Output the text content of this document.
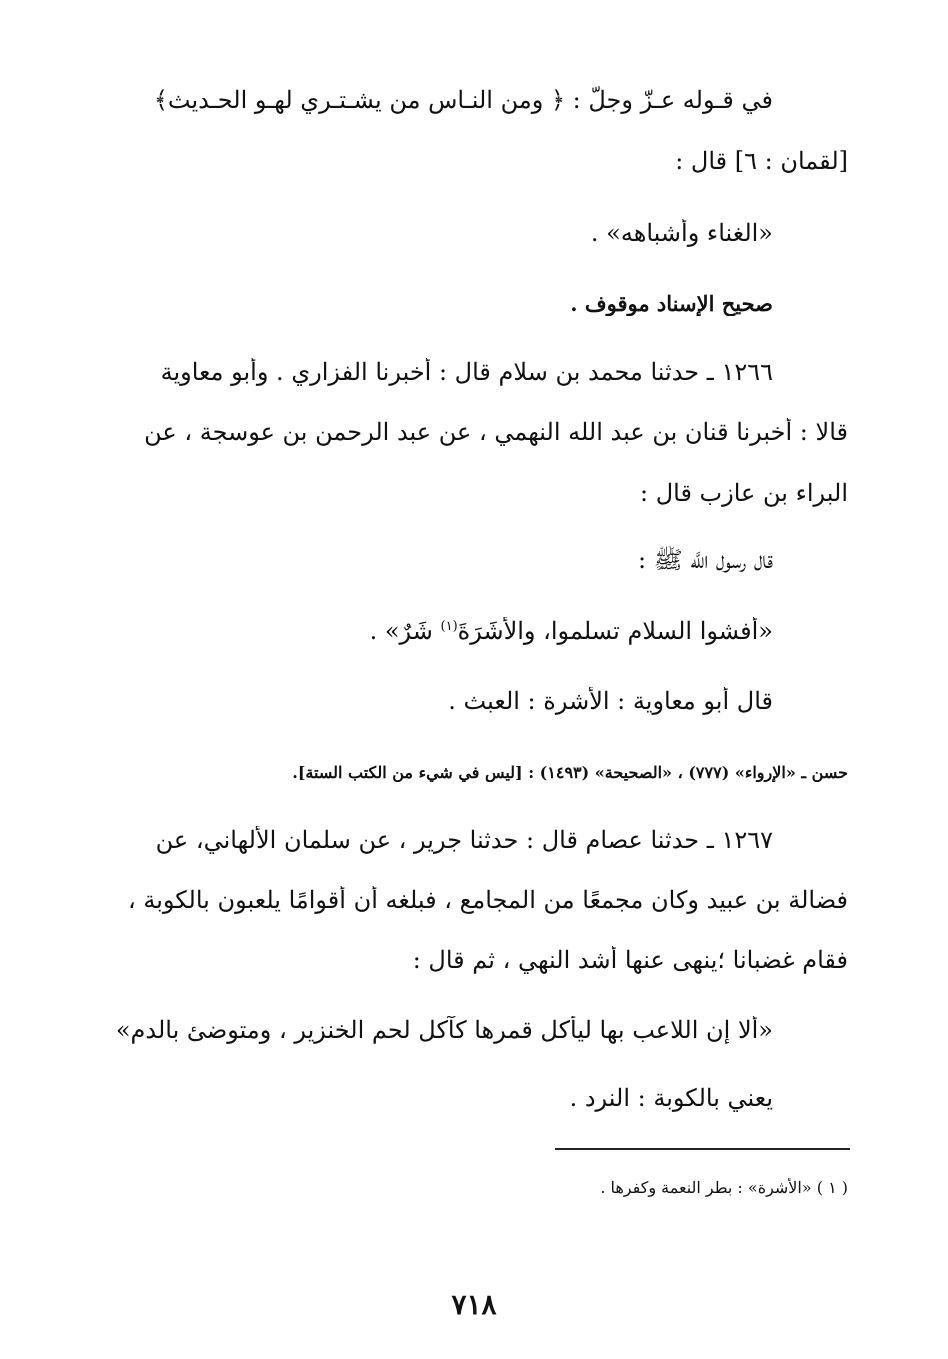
في قـوله عـزّ وجلّ : ﴿ ومن النـاس من يشـتـري لهـو الحـديث﴾
[لقمان : ٦] قال :
«الغناء وأشباهه» .
صحيح الإسناد موقوف .
١٢٦٦ ـ حدثنا محمد بن سلام قال : أخبرنا الفزاري . وأبو معاوية
قالا : أخبرنا قنان بن عبد الله النهمي ، عن عبد الرحمن بن عوسجة ، عن
البراء بن عازب قال :
قال رسول اللَّه ﷺ :
«أفشوا السلام تسلموا، والأشَرَةَ$^{(١)}$ شَرٌ» .
قال أبو معاوية : الأشرة : العبث .
حسن ـ «الإرواء» (٧٧٧) ، «الصحيحة» (١٤٩٣) : [ليس في شيء من الكتب الستة].
١٢٦٧ ـ حدثنا عصام قال : حدثنا جرير ، عن سلمان الألهاني، عن
فضالة بن عبيد وكان مجمعًا من المجامع ، فبلغه أن أقوامًا يلعبون بالكوبة ،
فقام غضبانا ؛ينهى عنها أشد النهي ، ثم قال :
«ألا إن اللاعب بها ليأكل قمرها كآكل لحم الخنزير ، ومتوضئ بالدم»
يعني بالكوبة : النرد .
( ١ ) «الأشرة» : بطر النعمة وكفرها .
٧١٨
